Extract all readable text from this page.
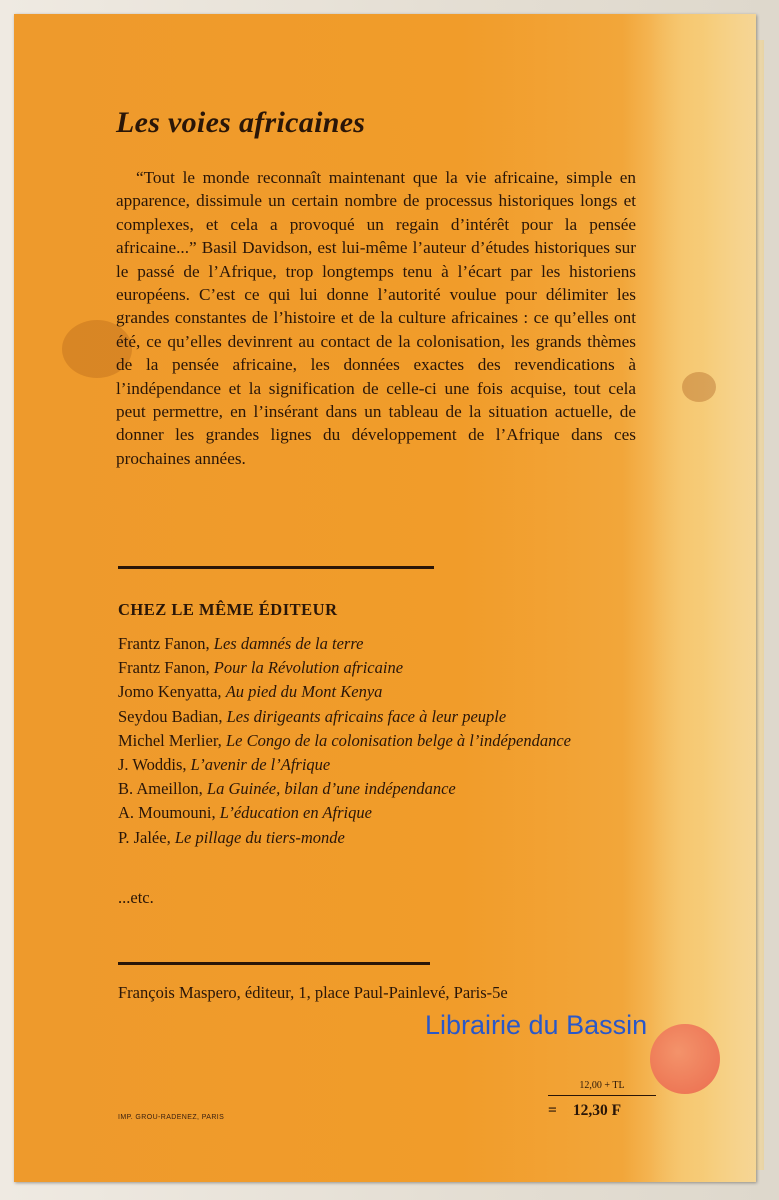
Les voies africaines

“Tout le monde reconnaît maintenant que la vie africaine, simple en apparence, dissimule un certain nombre de processus historiques longs et complexes, et cela a provoqué un regain d’intérêt pour la pensée africaine...” Basil Davidson, est lui-même l’auteur d’études historiques sur le passé de l’Afrique, trop longtemps tenu à l’écart par les historiens européens. C’est ce qui lui donne l’autorité voulue pour délimiter les grandes constantes de l’histoire et de la culture africaines : ce qu’elles ont été, ce qu’elles devinrent au contact de la colonisation, les grands thèmes de la pensée africaine, les données exactes des revendications à l’indépendance et la signification de celle-ci une fois acquise, tout cela peut permettre, en l’insérant dans un tableau de la situation actuelle, de donner les grandes lignes du développement de l’Afrique dans ces prochaines années.

CHEZ LE MÊME ÉDITEUR
Frantz Fanon, Les damnés de la terre
Frantz Fanon, Pour la Révolution africaine
Jomo Kenyatta, Au pied du Mont Kenya
Seydou Badian, Les dirigeants africains face à leur peuple
Michel Merlier, Le Congo de la colonisation belge à l’indépendance
J. Woddis, L’avenir de l’Afrique
B. Ameillon, La Guinée, bilan d’une indépendance
A. Moumouni, L’éducation en Afrique
P. Jalée, Le pillage du tiers-monde

...etc.

François Maspero, éditeur, 1, place Paul-Painlevé, Paris-5e

Librairie du Bassin

12,00 + TL
= 12,30 F

IMP. GROU-RADENEZ, PARIS
